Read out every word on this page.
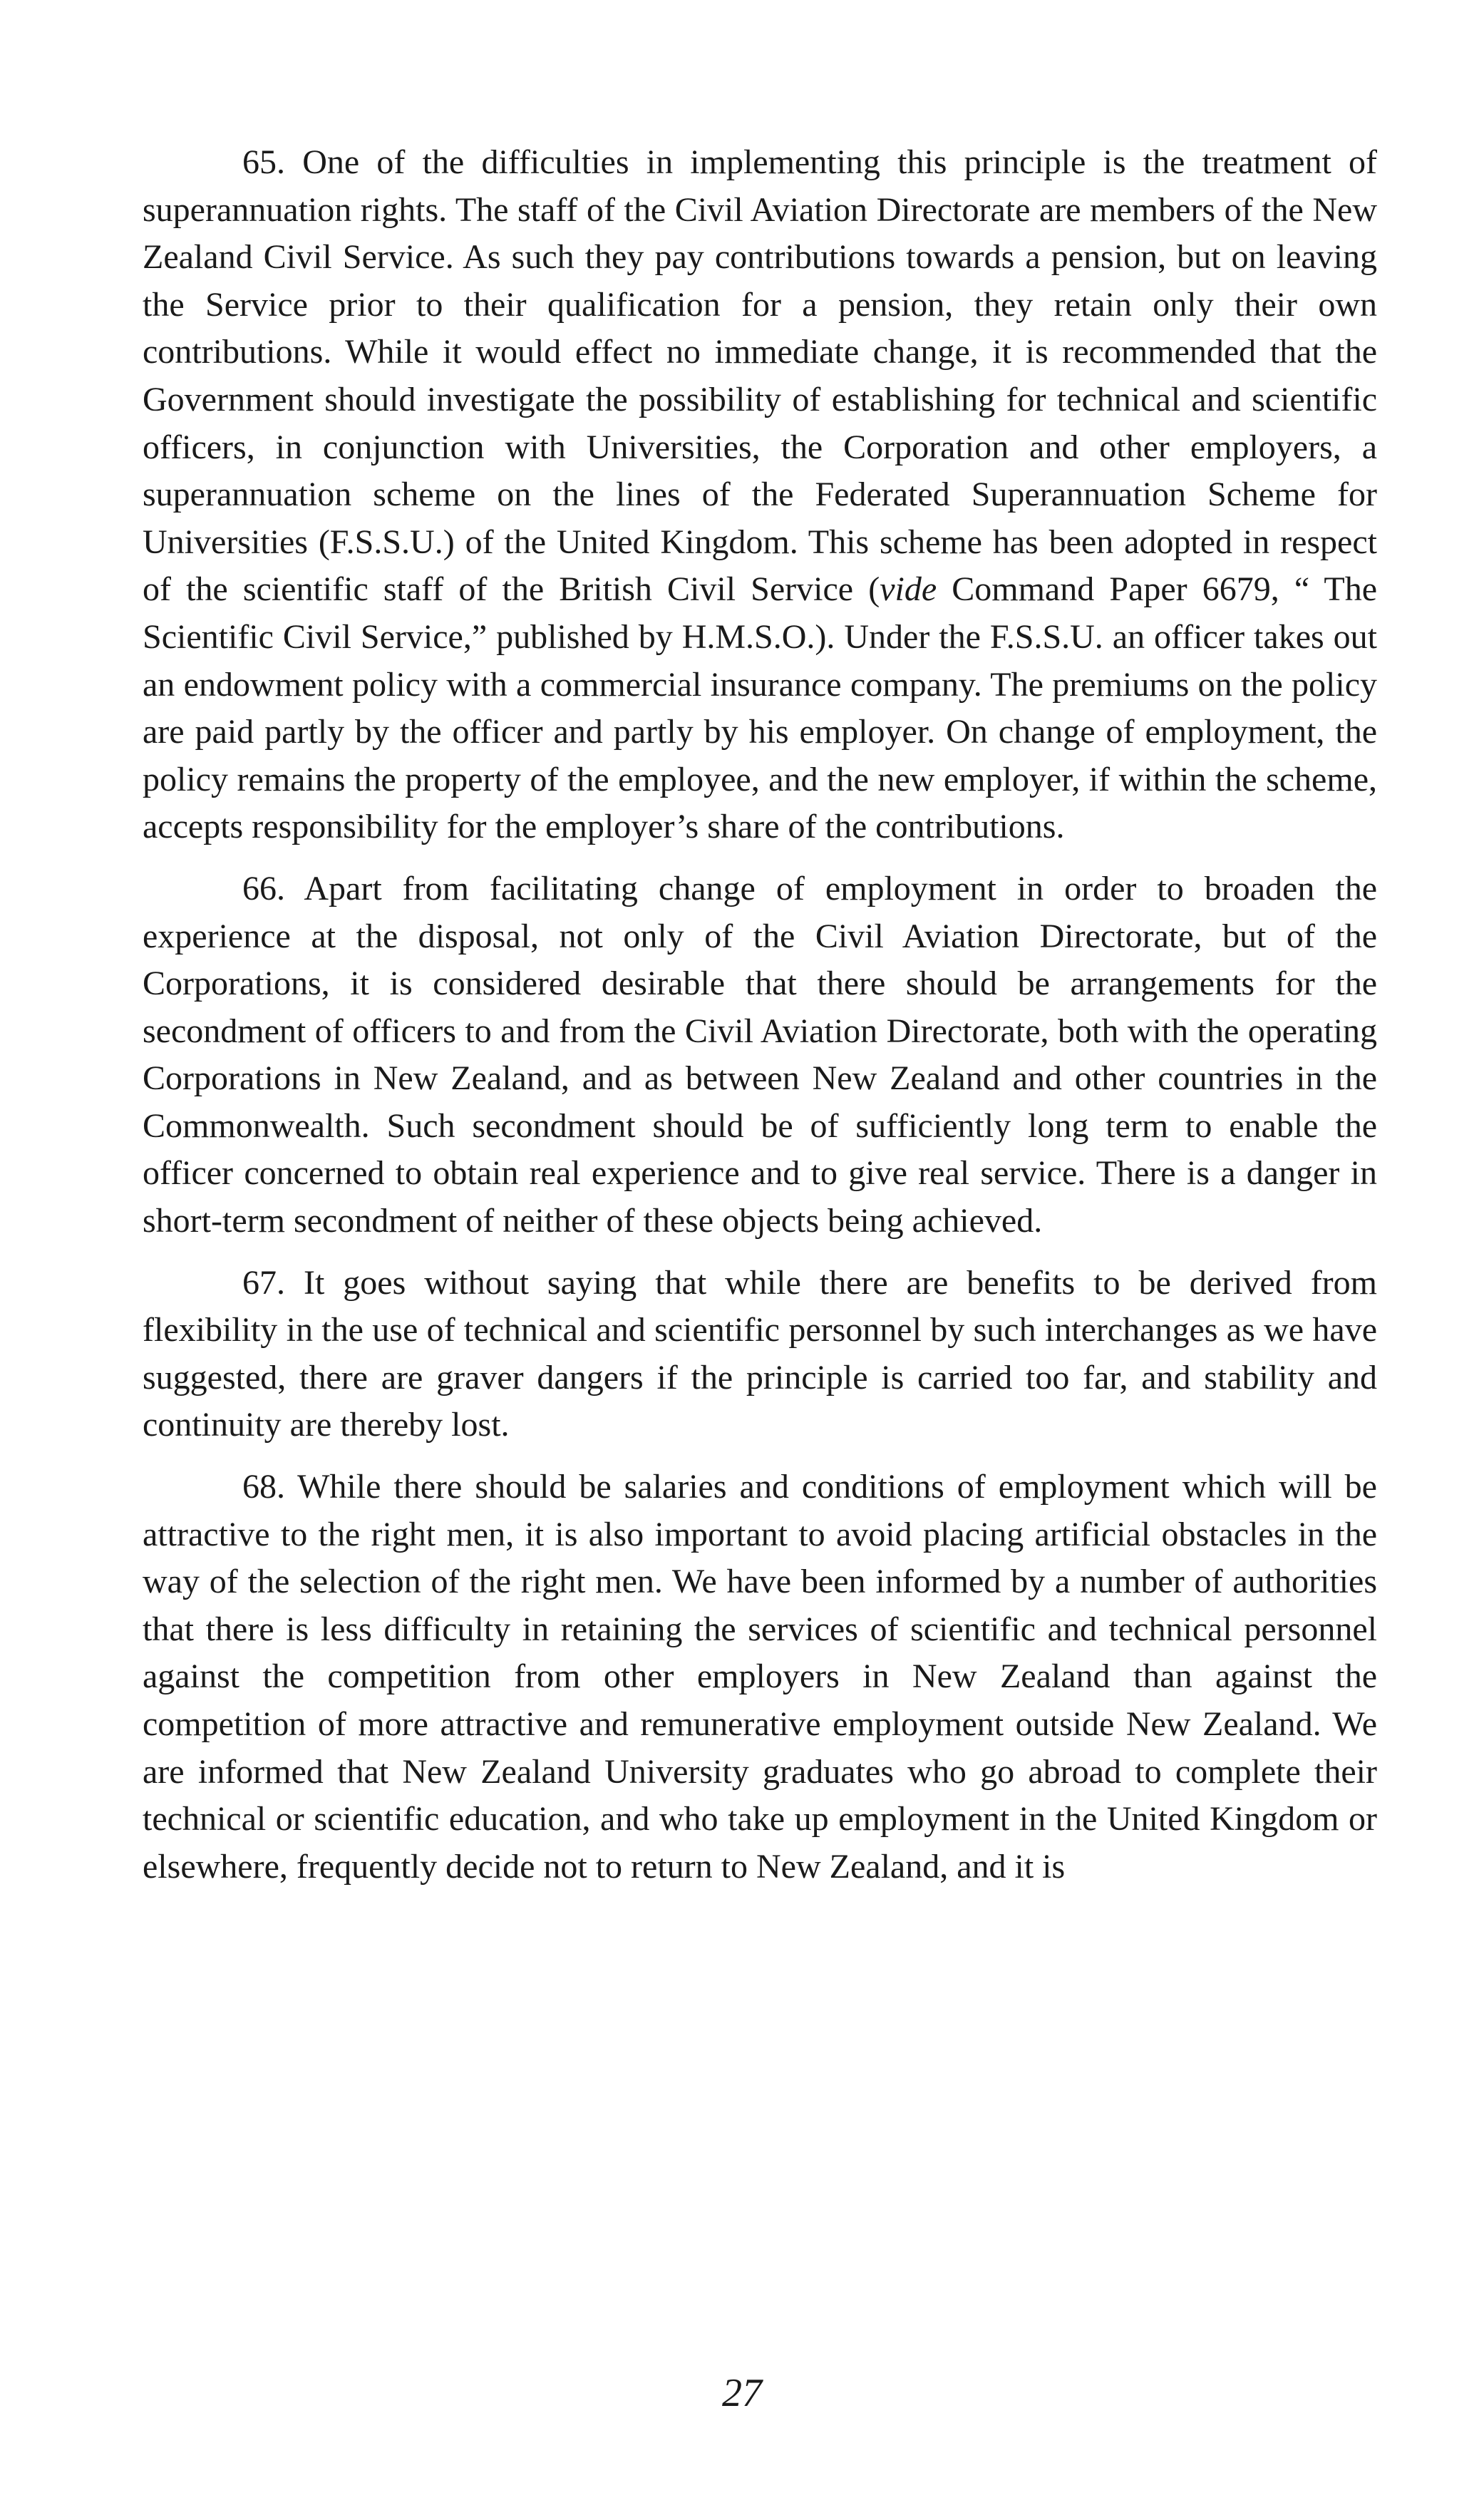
65. One of the difficulties in implementing this principle is the treatment of superannuation rights. The staff of the Civil Aviation Directorate are members of the New Zealand Civil Service. As such they pay contributions towards a pension, but on leaving the Service prior to their qualification for a pension, they retain only their own contributions. While it would effect no immediate change, it is recommended that the Government should investigate the possibility of establishing for technical and scientific officers, in conjunction with Universities, the Corporation and other employers, a superannuation scheme on the lines of the Federated Superannuation Scheme for Universities (F.S.S.U.) of the United Kingdom. This scheme has been adopted in respect of the scientific staff of the British Civil Service (vide Command Paper 6679, “ The Scientific Civil Service,” published by H.M.S.O.). Under the F.S.S.U. an officer takes out an endowment policy with a commercial insurance company. The premiums on the policy are paid partly by the officer and partly by his employer. On change of employment, the policy remains the property of the employee, and the new employer, if within the scheme, accepts responsibility for the employer’s share of the contributions.

66. Apart from facilitating change of employment in order to broaden the experience at the disposal, not only of the Civil Aviation Directorate, but of the Corporations, it is considered desirable that there should be arrangements for the secondment of officers to and from the Civil Aviation Directorate, both with the operating Corporations in New Zealand, and as between New Zealand and other countries in the Commonwealth. Such secondment should be of sufficiently long term to enable the officer concerned to obtain real experience and to give real service. There is a danger in short-term secondment of neither of these objects being achieved.

67. It goes without saying that while there are benefits to be derived from flexibility in the use of technical and scientific personnel by such interchanges as we have suggested, there are graver dangers if the principle is carried too far, and stability and continuity are thereby lost.

68. While there should be salaries and conditions of employment which will be attractive to the right men, it is also important to avoid placing artificial obstacles in the way of the selection of the right men. We have been informed by a number of authorities that there is less difficulty in retaining the services of scientific and technical personnel against the competition from other employers in New Zealand than against the competition of more attractive and remunerative employment outside New Zealand. We are informed that New Zealand University graduates who go abroad to complete their technical or scientific education, and who take up employment in the United Kingdom or elsewhere, frequently decide not to return to New Zealand, and it is

27
